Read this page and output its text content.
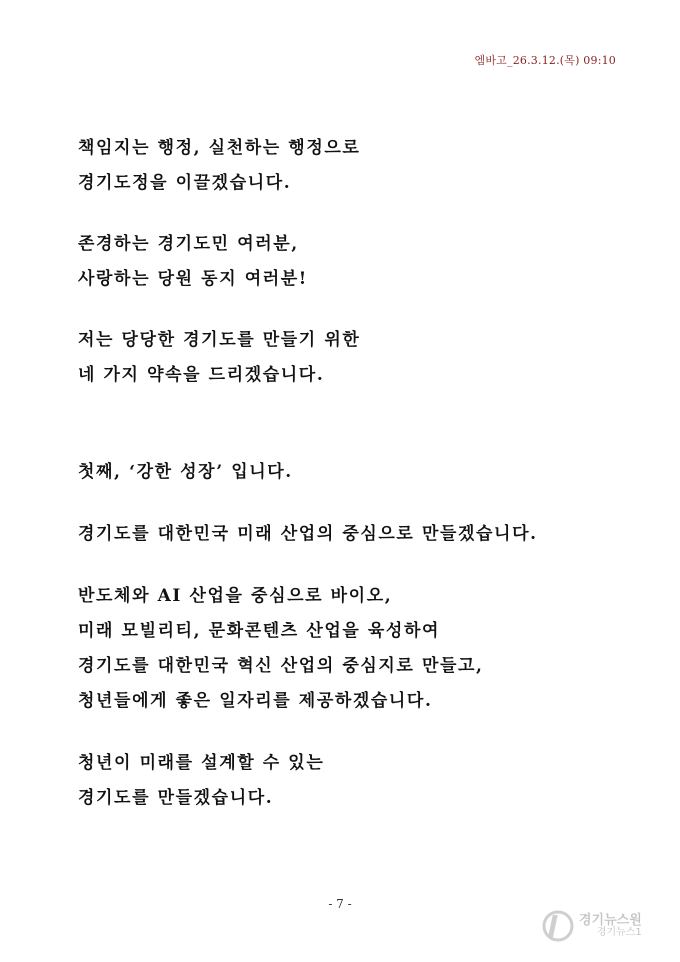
엠바고_26.3.12.(목) 09:10
책임지는 행정, 실천하는 행정으로
경기도정을 이끌겠습니다.
존경하는 경기도민 여러분,
사랑하는 당원 동지 여러분!
저는 당당한 경기도를 만들기 위한
네 가지 약속을 드리겠습니다.
첫째, ‘강한 성장’ 입니다.
경기도를 대한민국 미래 산업의 중심으로 만들겠습니다.
반도체와 AI 산업을 중심으로 바이오,
미래 모빌리티, 문화콘텐츠 산업을 육성하여
경기도를 대한민국 혁신 산업의 중심지로 만들고,
청년들에게 좋은 일자리를 제공하겠습니다.
청년이 미래를 설계할 수 있는
경기도를 만들겠습니다.
- 7 -
경기뉴스원
경기뉴스1
